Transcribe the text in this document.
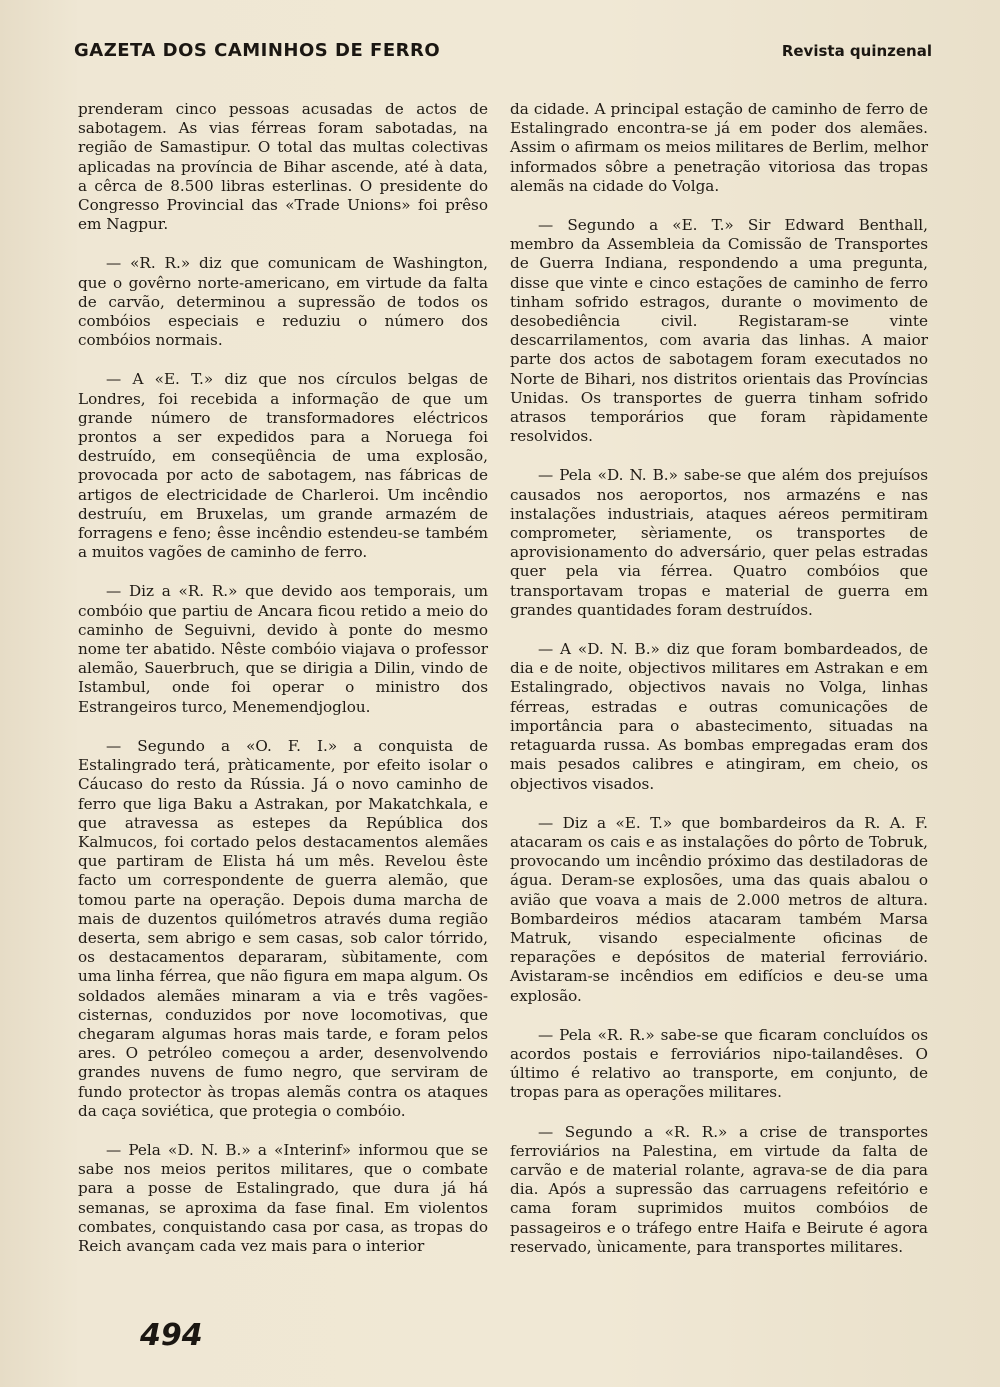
GAZETA DOS CAMINHOS DE FERRO	Revista quinzenal

prenderam cinco pessoas acusadas de actos de sabotagem. As vias férreas foram sabotadas, na região de Samastipur. O total das multas colectivas aplicadas na província de Bihar ascende, até à data, a cêrca de 8.500 libras esterlinas. O presidente do Congresso Provincial das «Trade Unions» foi prêso em Nagpur.

— «R. R.» diz que comunicam de Washington, que o govêrno norte-americano, em virtude da falta de carvão, determinou a supressão de todos os combóios especiais e reduziu o número dos combóios normais.

— A «E. T.» diz que nos círculos belgas de Londres, foi recebida a informação de que um grande número de transformadores eléctricos prontos a ser expedidos para a Noruega foi destruído, em conseqüência de uma explosão, provocada por acto de sabotagem, nas fábricas de artigos de electricidade de Charleroi. Um incêndio destruíu, em Bruxelas, um grande armazém de forragens e feno; êsse incêndio estendeu-se também a muitos vagões de caminho de ferro.

— Diz a «R. R.» que devido aos temporais, um combóio que partiu de Ancara ficou retido a meio do caminho de Seguivni, devido à ponte do mesmo nome ter abatido. Nêste combóio viajava o professor alemão, Sauerbruch, que se dirigia a Dilin, vindo de Istambul, onde foi operar o ministro dos Estrangeiros turco, Menemendjoglou.

— Segundo a «O. F. I.» a conquista de Estalingrado terá, pràticamente, por efeito isolar o Cáucaso do resto da Rússia. Já o novo caminho de ferro que liga Baku a Astrakan, por Makatchkala, e que atravessa as estepes da República dos Kalmucos, foi cortado pelos destacamentos alemães que partiram de Elista há um mês. Revelou êste facto um correspondente de guerra alemão, que tomou parte na operação. Depois duma marcha de mais de duzentos quilómetros através duma região deserta, sem abrigo e sem casas, sob calor tórrido, os destacamentos depararam, sùbitamente, com uma linha férrea, que não figura em mapa algum. Os soldados alemães minaram a via e três vagões-cisternas, conduzidos por nove locomotivas, que chegaram algumas horas mais tarde, e foram pelos ares. O petróleo começou a arder, desenvolvendo grandes nuvens de fumo negro, que serviram de fundo protector às tropas alemãs contra os ataques da caça soviética, que protegia o combóio.

— Pela «D. N. B.» a «Interinf» informou que se sabe nos meios peritos militares, que o combate para a posse de Estalingrado, que dura já há semanas, se aproxima da fase final. Em violentos combates, conquistando casa por casa, as tropas do Reich avançam cada vez mais para o interior

da cidade. A principal estação de caminho de ferro de Estalingrado encontra-se já em poder dos alemães. Assim o afirmam os meios militares de Berlim, melhor informados sôbre a penetração vitoriosa das tropas alemãs na cidade do Volga.

— Segundo a «E. T.» Sir Edward Benthall, membro da Assembleia da Comissão de Transportes de Guerra Indiana, respondendo a uma pregunta, disse que vinte e cinco estações de caminho de ferro tinham sofrido estragos, durante o movimento de desobediência civil. Registaram-se vinte descarrilamentos, com avaria das linhas. A maior parte dos actos de sabotagem foram executados no Norte de Bihari, nos distritos orientais das Províncias Unidas. Os transportes de guerra tinham sofrido atrasos temporários que foram ràpidamente resolvidos.

— Pela «D. N. B.» sabe-se que além dos prejuísos causados nos aeroportos, nos armazéns e nas instalações industriais, ataques aéreos permitiram comprometer, sèriamente, os transportes de aprovisionamento do adversário, quer pelas estradas quer pela via férrea. Quatro combóios que transportavam tropas e material de guerra em grandes quantidades foram destruídos.

— A «D. N. B.» diz que foram bombardeados, de dia e de noite, objectivos militares em Astrakan e em Estalingrado, objectivos navais no Volga, linhas férreas, estradas e outras comunicações de importância para o abastecimento, situadas na retaguarda russa. As bombas empregadas eram dos mais pesados calibres e atingiram, em cheio, os objectivos visados.

— Diz a «E. T.» que bombardeiros da R. A. F. atacaram os cais e as instalações do pôrto de Tobruk, provocando um incêndio próximo das destiladoras de água. Deram-se explosões, uma das quais abalou o avião que voava a mais de 2.000 metros de altura. Bombardeiros médios atacaram também Marsa Matruk, visando especialmente oficinas de reparações e depósitos de material ferroviário. Avistaram-se incêndios em edifícios e deu-se uma explosão.

— Pela «R. R.» sabe-se que ficaram concluídos os acordos postais e ferroviários nipo-tailandêses. O último é relativo ao transporte, em conjunto, de tropas para as operações militares.

— Segundo a «R. R.» a crise de transportes ferroviários na Palestina, em virtude da falta de carvão e de material rolante, agrava-se de dia para dia. Após a supressão das carruagens refeitório e cama foram suprimidos muitos combóios de passageiros e o tráfego entre Haifa e Beirute é agora reservado, ùnicamente, para transportes militares.

494
